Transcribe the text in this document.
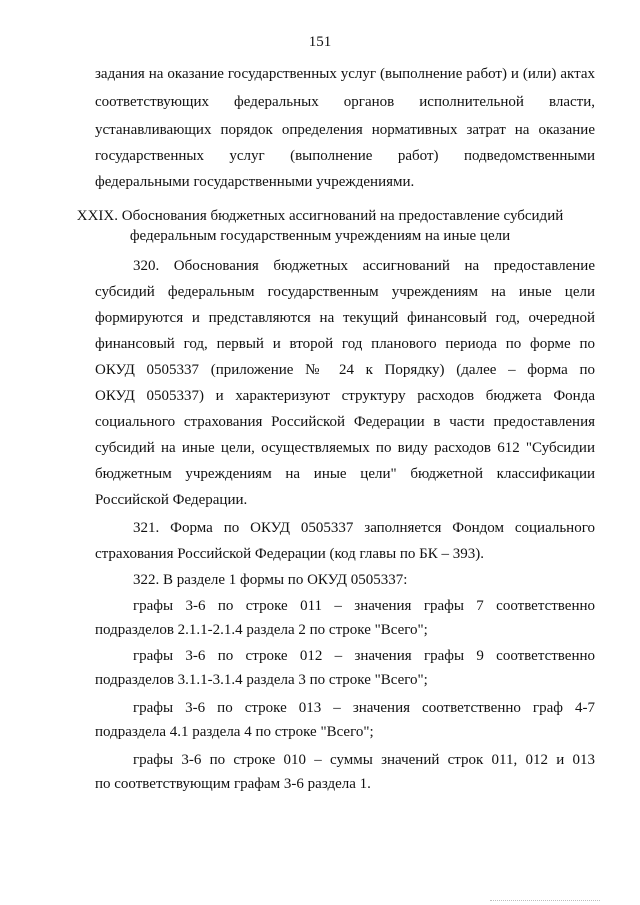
151
задания на оказание государственных услуг (выполнение работ) и (или) актах
соответствующих федеральных органов исполнительной власти,
устанавливающих порядок определения нормативных затрат на оказание
государственных услуг (выполнение работ) подведомственными
федеральными государственными учреждениями.
XXIX. Обоснования бюджетных ассигнований на предоставление субсидий
федеральным государственным учреждениям на иные цели
320. Обоснования бюджетных ассигнований на предоставление
субсидий федеральным государственным учреждениям на иные цели
формируются и представляются на текущий финансовый год, очередной
финансовый год, первый и второй год планового периода по форме по
ОКУД 0505337 (приложение № 24 к Порядку) (далее – форма по
ОКУД 0505337) и характеризуют структуру расходов бюджета Фонда
социального страхования Российской Федерации в части предоставления
субсидий на иные цели, осуществляемых по виду расходов 612 "Субсидии
бюджетным учреждениям на иные цели" бюджетной классификации
Российской Федерации.
321. Форма по ОКУД 0505337 заполняется Фондом социального
страхования Российской Федерации (код главы по БК – 393).
322. В разделе 1 формы по ОКУД 0505337:
графы 3-6 по строке 011 – значения графы 7 соответственно
подразделов 2.1.1-2.1.4 раздела 2 по строке "Всего";
графы 3-6 по строке 012 – значения графы 9 соответственно
подразделов 3.1.1-3.1.4 раздела 3 по строке "Всего";
графы 3-6 по строке 013 – значения соответственно граф 4-7
подраздела 4.1 раздела 4 по строке "Всего";
графы 3-6 по строке 010 – суммы значений строк 011, 012 и 013
по соответствующим графам 3-6 раздела 1.
